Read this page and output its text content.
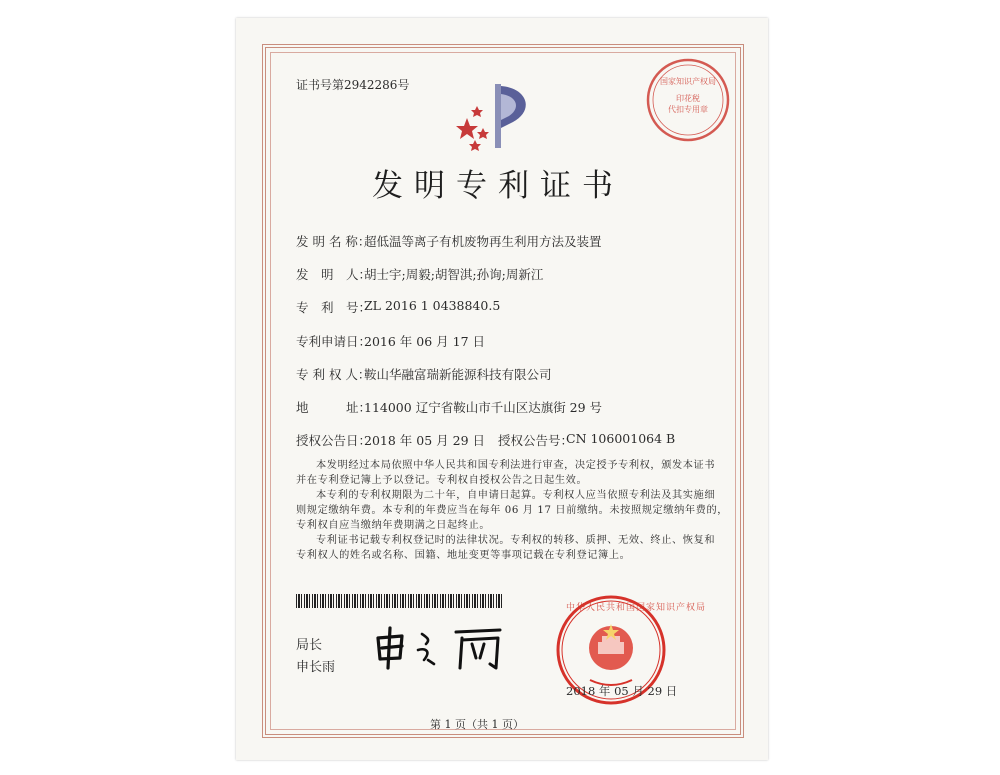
证书号第2942286号	国家知识产权局
印花税
代扣专用章
发明专利证书
发 明 名 称：
超低温等离子有机废物再生利用方法及装置
发　明　人：
胡士宇;周毅;胡智淇;孙询;周新江
专　利　号：
ZL 2016 1 0438840.5
专利申请日：
2016 年 06 月 17 日
专 利 权 人：
鞍山华融富瑞新能源科技有限公司
地　　　址：
114000 辽宁省鞍山市千山区达旗街 29 号
授权公告日：
2018 年 05 月 29 日 授权公告号：
CN 106001064 B
本发明经过本局依照中华人民共和国专利法进行审查，决定授予专利权，颁发本证书
并在专利登记簿上予以登记。专利权自授权公告之日起生效。
本专利的专利权期限为二十年，自申请日起算。专利权人应当依照专利法及其实施细
则规定缴纳年费。本专利的年费应当在每年 06 月 17 日前缴纳。未按照规定缴纳年费的，
专利权自应当缴纳年费期满之日起终止。
专利证书记载专利权登记时的法律状况。专利权的转移、质押、无效、终止、恢复和
专利权人的姓名或名称、国籍、地址变更等事项记载在专利登记簿上。
局长
申长雨
中华人民共和国国家知识产权局
2018 年 05 月 29 日
第 1 页（共 1 页）
